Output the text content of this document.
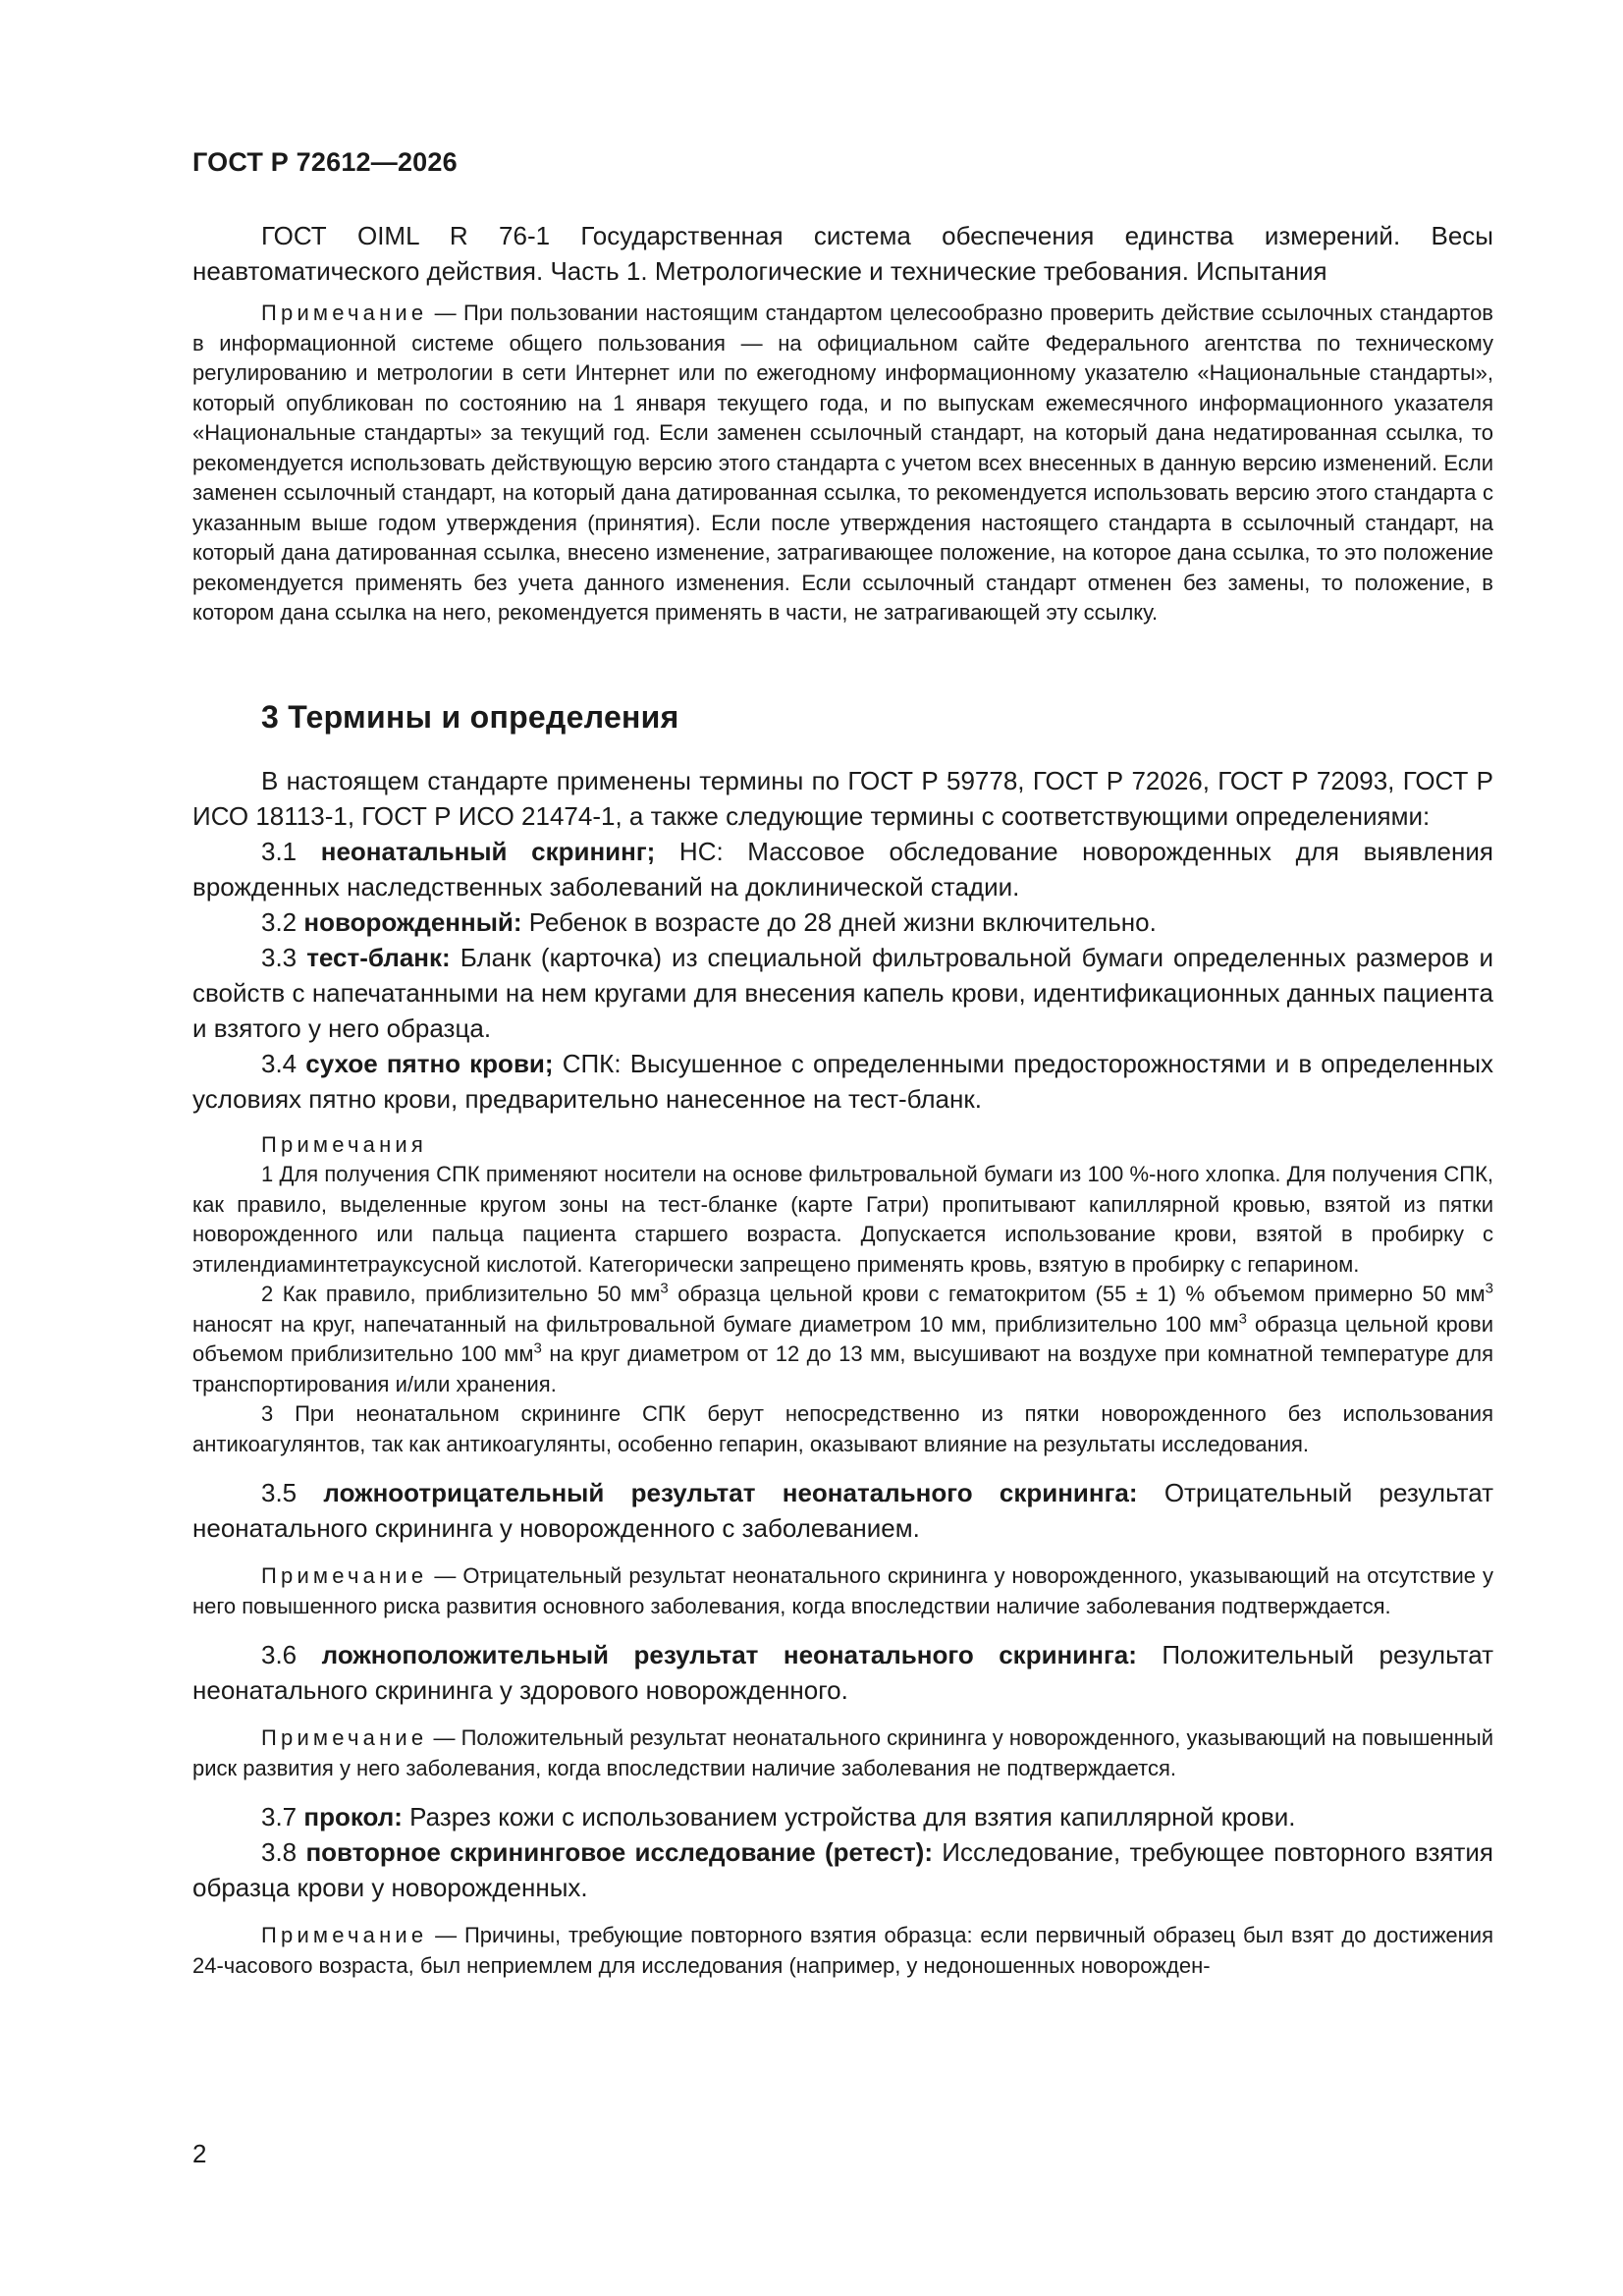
ГОСТ Р 72612—2026

ГОСТ OIML R 76-1 Государственная система обеспечения единства измерений. Весы неавтоматического действия. Часть 1. Метрологические и технические требования. Испытания

Примечание — При пользовании настоящим стандартом целесообразно проверить действие ссылочных стандартов в информационной системе общего пользования — на официальном сайте Федерального агентства по техническому регулированию и метрологии в сети Интернет или по ежегодному информационному указателю «Национальные стандарты», который опубликован по состоянию на 1 января текущего года, и по выпускам ежемесячного информационного указателя «Национальные стандарты» за текущий год. Если заменен ссылочный стандарт, на который дана недатированная ссылка, то рекомендуется использовать действующую версию этого стандарта с учетом всех внесенных в данную версию изменений. Если заменен ссылочный стандарт, на который дана датированная ссылка, то рекомендуется использовать версию этого стандарта с указанным выше годом утверждения (принятия). Если после утверждения настоящего стандарта в ссылочный стандарт, на который дана датированная ссылка, внесено изменение, затрагивающее положение, на которое дана ссылка, то это положение рекомендуется применять без учета данного изменения. Если ссылочный стандарт отменен без замены, то положение, в котором дана ссылка на него, рекомендуется применять в части, не затрагивающей эту ссылку.

3 Термины и определения

В настоящем стандарте применены термины по ГОСТ Р 59778, ГОСТ Р 72026, ГОСТ Р 72093, ГОСТ Р ИСО 18113-1, ГОСТ Р ИСО 21474-1, а также следующие термины с соответствующими определениями:

3.1 неонатальный скрининг; НС: Массовое обследование новорожденных для выявления врожденных наследственных заболеваний на доклинической стадии.

3.2 новорожденный: Ребенок в возрасте до 28 дней жизни включительно.

3.3 тест-бланк: Бланк (карточка) из специальной фильтровальной бумаги определенных размеров и свойств с напечатанными на нем кругами для внесения капель крови, идентификационных данных пациента и взятого у него образца.

3.4 сухое пятно крови; СПК: Высушенное с определенными предосторожностями и в определенных условиях пятно крови, предварительно нанесенное на тест-бланк.

Примечания

1 Для получения СПК применяют носители на основе фильтровальной бумаги из 100 %-ного хлопка. Для получения СПК, как правило, выделенные кругом зоны на тест-бланке (карте Гатри) пропитывают капиллярной кровью, взятой из пятки новорожденного или пальца пациента старшего возраста. Допускается использование крови, взятой в пробирку с этилендиаминтетрауксусной кислотой. Категорически запрещено применять кровь, взятую в пробирку с гепарином.

2 Как правило, приблизительно 50 $мм^3$ образца цельной крови с гематокритом (55 ± 1) % объемом примерно 50 $мм^3$ наносят на круг, напечатанный на фильтровальной бумаге диаметром 10 мм, приблизительно 100 $мм^3$ образца цельной крови объемом приблизительно 100 $мм^3$ на круг диаметром от 12 до 13 мм, высушивают на воздухе при комнатной температуре для транспортирования и/или хранения.

3 При неонатальном скрининге СПК берут непосредственно из пятки новорожденного без использования антикоагулянтов, так как антикоагулянты, особенно гепарин, оказывают влияние на результаты исследования.

3.5 ложноотрицательный результат неонатального скрининга: Отрицательный результат неонатального скрининга у новорожденного с заболеванием.

Примечание — Отрицательный результат неонатального скрининга у новорожденного, указывающий на отсутствие у него повышенного риска развития основного заболевания, когда впоследствии наличие заболевания подтверждается.

3.6 ложноположительный результат неонатального скрининга: Положительный результат неонатального скрининга у здорового новорожденного.

Примечание — Положительный результат неонатального скрининга у новорожденного, указывающий на повышенный риск развития у него заболевания, когда впоследствии наличие заболевания не подтверждается.

3.7 прокол: Разрез кожи с использованием устройства для взятия капиллярной крови.

3.8 повторное скрининговое исследование (ретест): Исследование, требующее повторного взятия образца крови у новорожденных.

Примечание — Причины, требующие повторного взятия образца: если первичный образец был взят до достижения 24-часового возраста, был неприемлем для исследования (например, у недоношенных новорожден-

2
